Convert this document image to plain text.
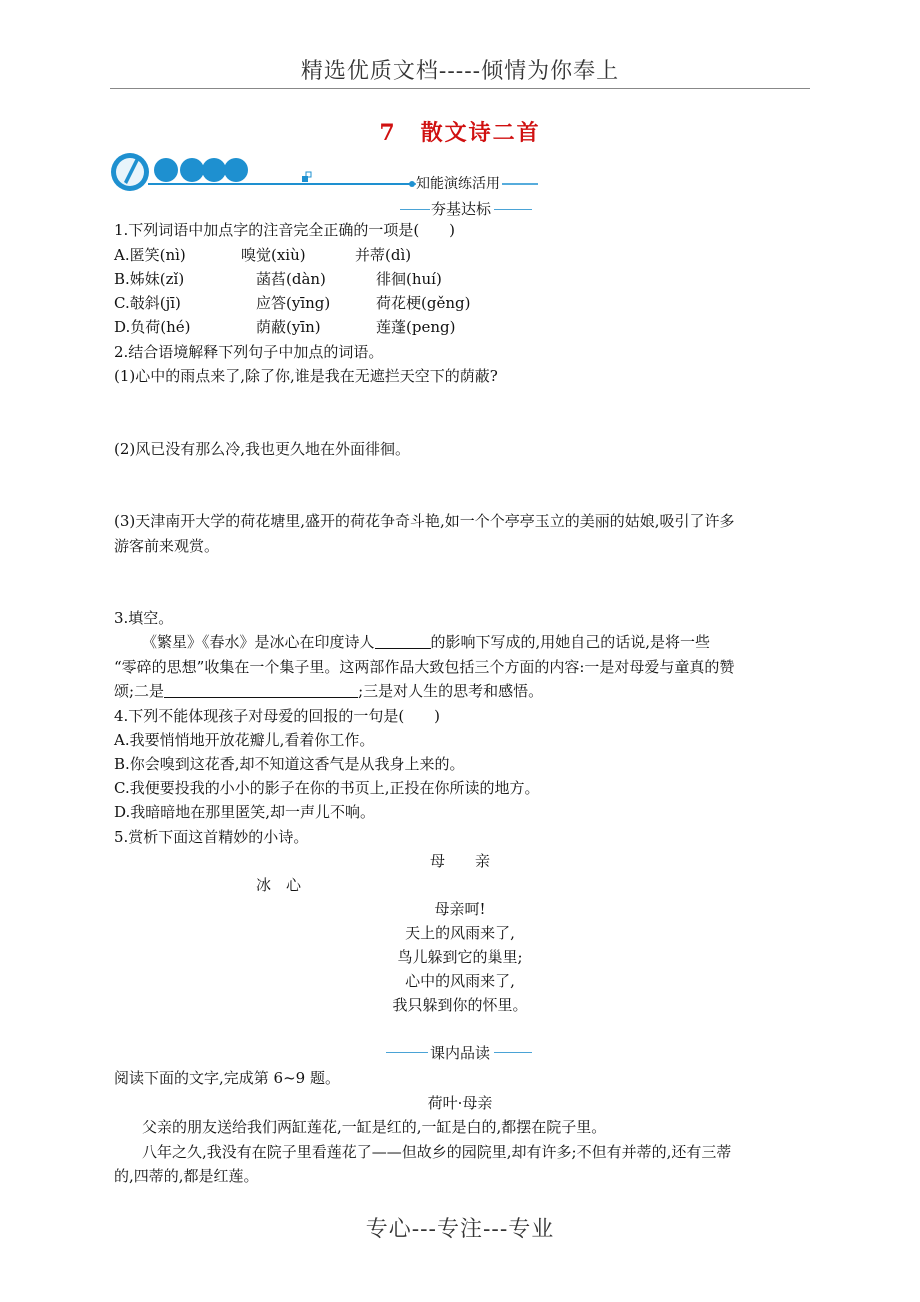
精选优质文档-----倾情为你奉上
7　散文诗二首
知能演练活用
夯基达标
1.下列词语中加点字的注音完全正确的一项是(　　)
A.匿笑(nì)	嗅觉(xiù)	并蒂(dì)
B.姊妹(zǐ)	菡萏(dàn)	徘徊(huí)
C.攲斜(jī)	应答(yīng)	荷花梗(gěng)
D.负荷(hé)	荫蔽(yīn)	莲蓬(peng)
2.结合语境解释下列句子中加点的词语。
(1)心中的雨点来了,除了你,谁是我在无遮拦天空下的荫蔽?
(2)风已没有那么冷,我也更久地在外面徘徊。
(3)天津南开大学的荷花塘里,盛开的荷花争奇斗艳,如一个个亭亭玉立的美丽的姑娘,吸引了许多
游客前来观赏。
3.填空。
《繁星》《春水》是冰心在印度诗人	的影响下写成的,用她自己的话说,是将一些
“零碎的思想”收集在一个集子里。这两部作品大致包括三个方面的内容:一是对母爱与童真的赞
颂;二是	;三是对人生的思考和感悟。
4.下列不能体现孩子对母爱的回报的一句是(　　)
A.我要悄悄地开放花瓣儿,看着你工作。
B.你会嗅到这花香,却不知道这香气是从我身上来的。
C.我便要投我的小小的影子在你的书页上,正投在你所读的地方。
D.我暗暗地在那里匿笑,却一声儿不响。
5.赏析下面这首精妙的小诗。
母　　亲
冰　心
母亲呵!
天上的风雨来了,
鸟儿躲到它的巢里;
心中的风雨来了,
我只躲到你的怀里。
课内品读
阅读下面的文字,完成第 6~9 题。
荷叶·母亲
父亲的朋友送给我们两缸莲花,一缸是红的,一缸是白的,都摆在院子里。
八年之久,我没有在院子里看莲花了——但故乡的园院里,却有许多;不但有并蒂的,还有三蒂
的,四蒂的,都是红莲。
专心---专注---专业
